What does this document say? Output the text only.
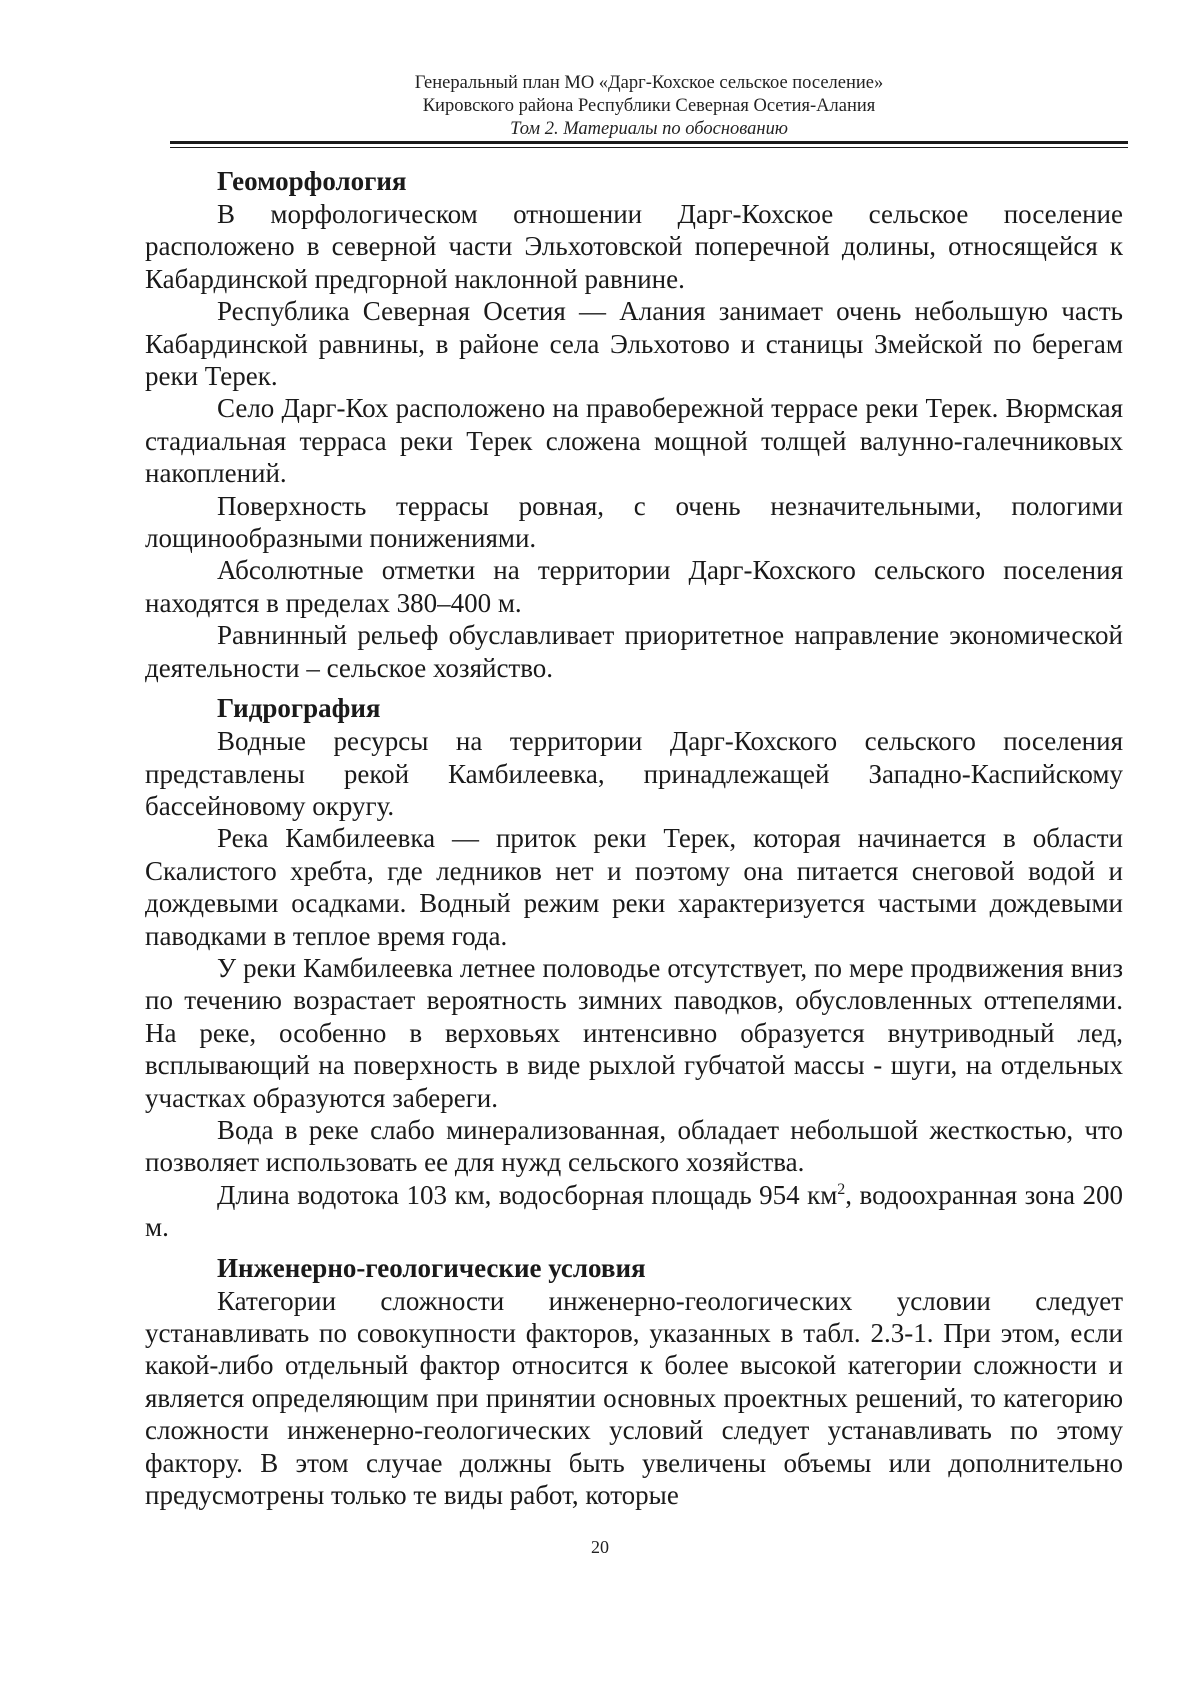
Генеральный план МО «Дарг-Кохское сельское поселение»
Кировского района Республики Северная Осетия-Алания
Том 2. Материалы по обоснованию
Геоморфология

В морфологическом отношении Дарг-Кохское сельское поселение расположено в северной части Эльхотовской поперечной долины, относящейся к Кабардинской предгорной наклонной равнине.

Республика Северная Осетия — Алания занимает очень небольшую часть Кабардинской равнины, в районе села Эльхотово и станицы Змейской по берегам реки Терек.

Село Дарг-Кох расположено на правобережной террасе реки Терек. Вюрмская стадиальная терраса реки Терек сложена мощной толщей валунно-галечниковых накоплений.

Поверхность террасы ровная, с очень незначительными, пологими лощинообразными понижениями.

Абсолютные отметки на территории Дарг-Кохского сельского поселения находятся в пределах 380–400 м.

Равнинный рельеф обуславливает приоритетное направление экономической деятельности – сельское хозяйство.

Гидрография

Водные ресурсы на территории Дарг-Кохского сельского поселения представлены рекой Камбилеевка, принадлежащей Западно-Каспийскому бассейновому округу.

Река Камбилеевка — приток реки Терек, которая начинается в области Скалистого хребта, где ледников нет и поэтому она питается снеговой водой и дождевыми осадками. Водный режим реки характеризуется частыми дождевыми паводками в теплое время года.

У реки Камбилеевка летнее половодье отсутствует, по мере продвижения вниз по течению возрастает вероятность зимних паводков, обусловленных оттепелями. На реке, особенно в верховьях интенсивно образуется внутриводный лед, всплывающий на поверхность в виде рыхлой губчатой массы - шуги, на отдельных участках образуются забереги.

Вода в реке слабо минерализованная, обладает небольшой жесткостью, что позволяет использовать ее для нужд сельского хозяйства.

Длина водотока 103 км, водосборная площадь 954 $км^2$, водоохранная зона 200 м.

Инженерно-геологические условия

Категории сложности инженерно-геологических условии следует устанавливать по совокупности факторов, указанных в табл. 2.3-1. При этом, если какой-либо отдельный фактор относится к более высокой категории сложности и является определяющим при принятии основных проектных решений, то категорию сложности инженерно-геологических условий следует устанавливать по этому фактору. В этом случае должны быть увеличены объемы или дополнительно предусмотрены только те виды работ, которые

20
